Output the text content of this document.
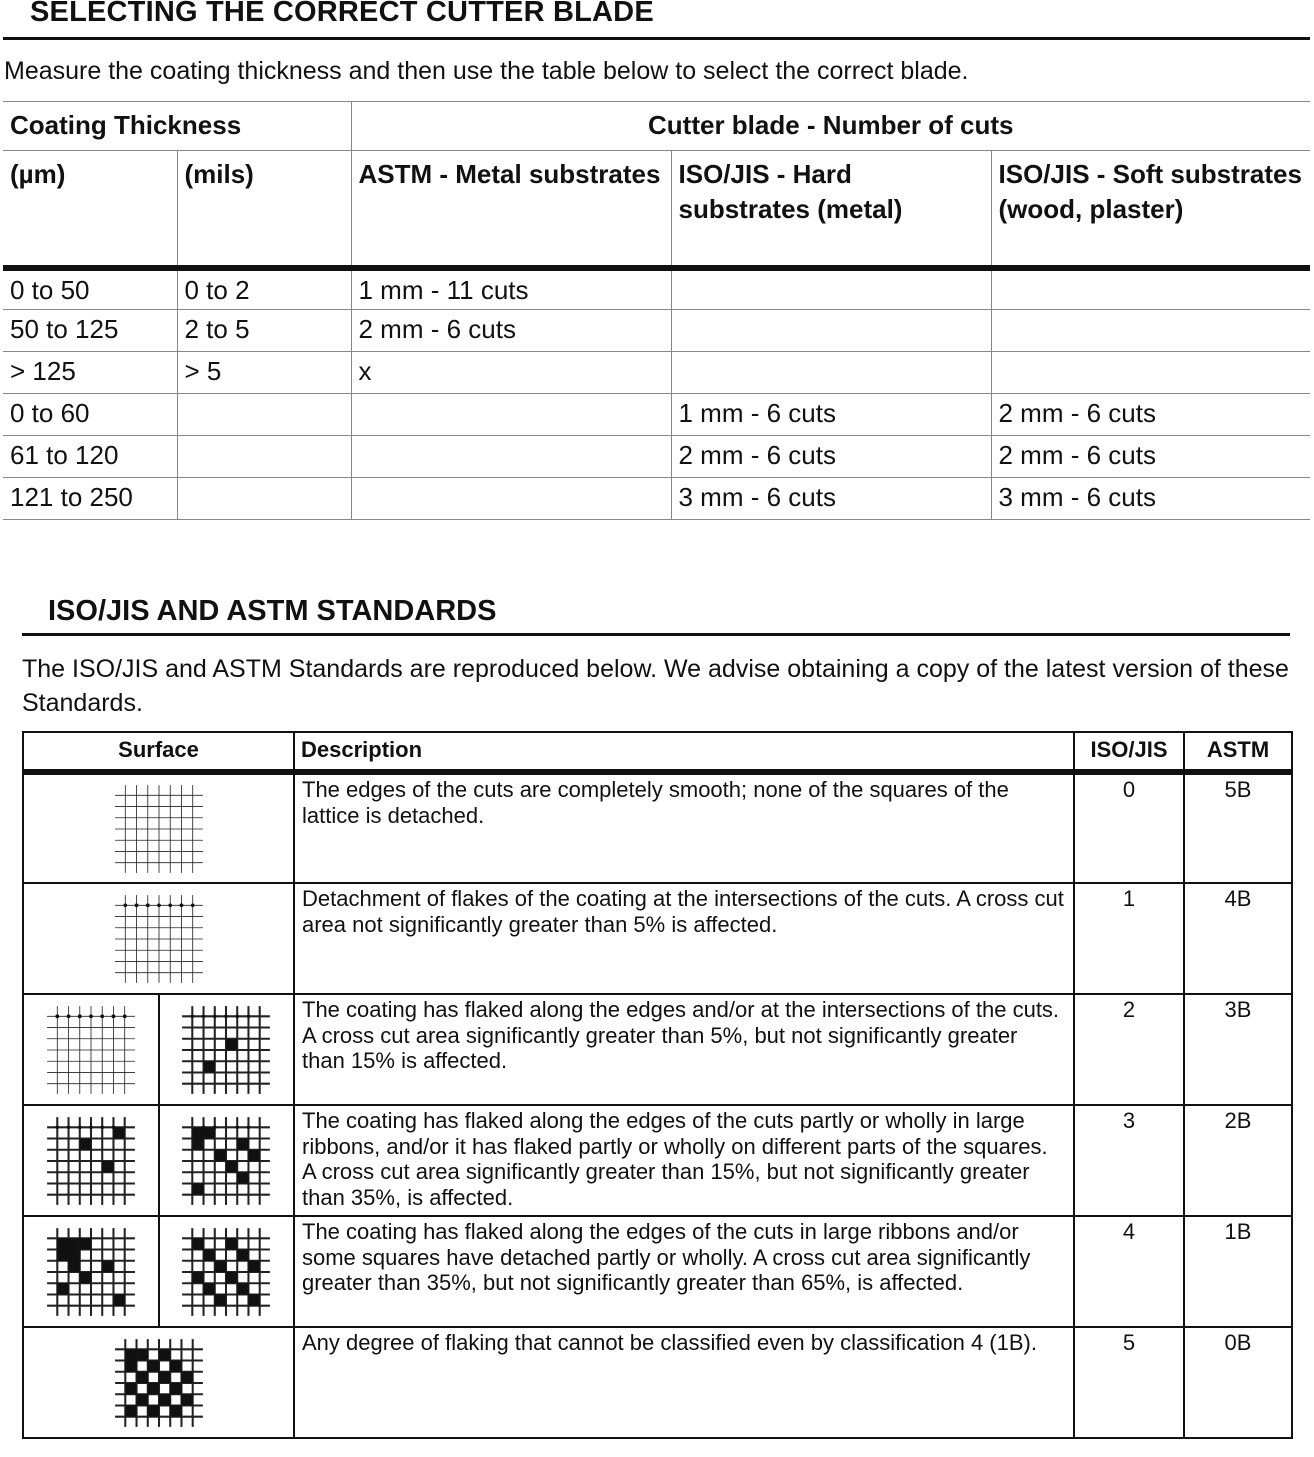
SELECTING THE CORRECT CUTTER BLADE
Measure the coating thickness and then use the table below to select the correct blade.
Coating Thickness		Cutter blade - Number of cuts		
(µm)	(mils)	ASTM - Metal substrates	ISO/JIS - Hard substrates (metal)	ISO/JIS - Soft substrates (wood, plaster)
0 to 50	0 to 2	1 mm - 11 cuts		
50 to 125	2 to 5	2 mm - 6 cuts		
> 125	> 5	x		
0 to 60			1 mm - 6 cuts	2 mm - 6 cuts
61 to 120			2 mm - 6 cuts	2 mm - 6 cuts
121 to 250			3 mm - 6 cuts	3 mm - 6 cuts
ISO/JIS AND ASTM STANDARDS
The ISO/JIS and ASTM Standards are reproduced below. We advise obtaining a copy of the latest version of these Standards.
Surface	Description	ISO/JIS	ASTM

	The edges of the cuts are completely smooth; none of the squares of the lattice is detached.	0	5B

	Detachment of flakes of the coating at the intersections of the cuts. A cross cut area not significantly greater than 5% is affected.	1	4B

	The coating has flaked along the edges and/or at the intersections of the cuts. A cross cut area significantly greater than 5%, but not significantly greater than 15% is affected.	2	3B

	The coating has flaked along the edges of the cuts partly or wholly in large ribbons, and/or it has flaked partly or wholly on different parts of the squares. A cross cut area significantly greater than 15%, but not significantly greater than 35%, is affected.	3	2B

	The coating has flaked along the edges of the cuts in large ribbons and/or some squares have detached partly or wholly. A cross cut area significantly greater than 35%, but not significantly greater than 65%, is affected.	4	1B

	Any degree of flaking that cannot be classified even by classification 4 (1B).	5	0B
